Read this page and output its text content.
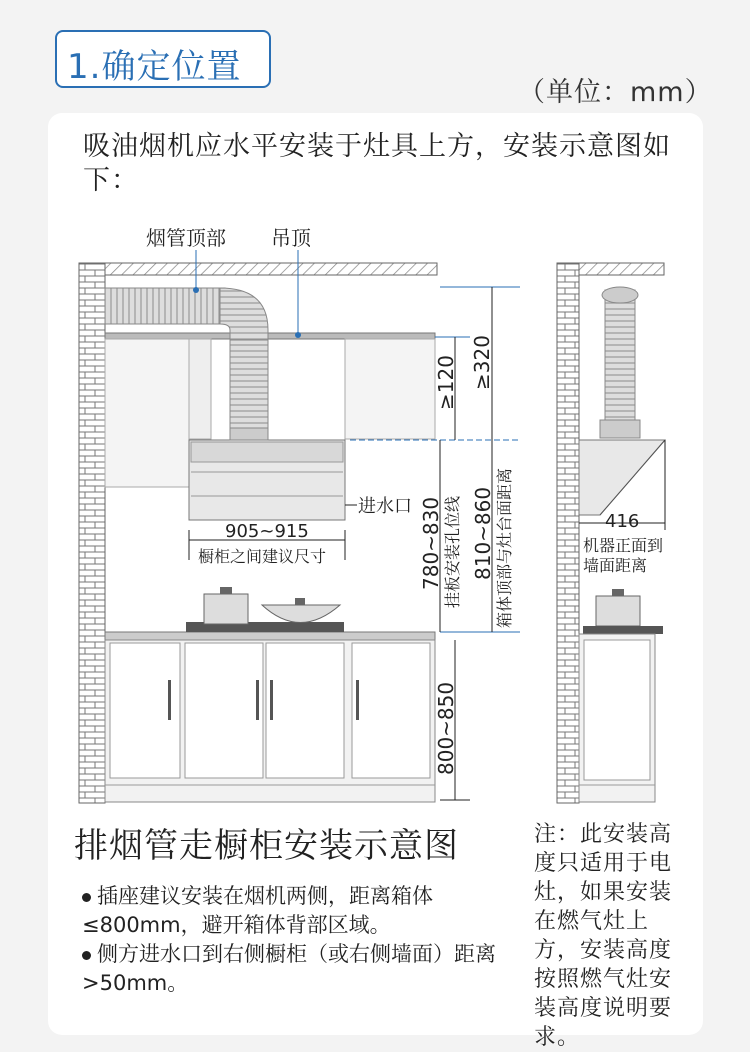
1.确定位置
（单位：mm）
吸油烟机应水平安装于灶具上方，安装示意图如下：
烟管顶部 吊顶
≥320
≥120
进水口
905~915
橱柜之间建议尺寸	780~830 挂板安装孔位线 810~860 箱体顶部与灶台面距离
800~850
416
机器正面到
墙面距离
排烟管走橱柜安装示意图
插座建议安装在烟机两侧，距离箱体≤800mm，避开箱体背部区域。
侧方进水口到右侧橱柜（或右侧墙面）距离>50mm。
注：此安装高度只适用于电灶，如果安装在燃气灶上方，安装高度按照燃气灶安装高度说明要求。
